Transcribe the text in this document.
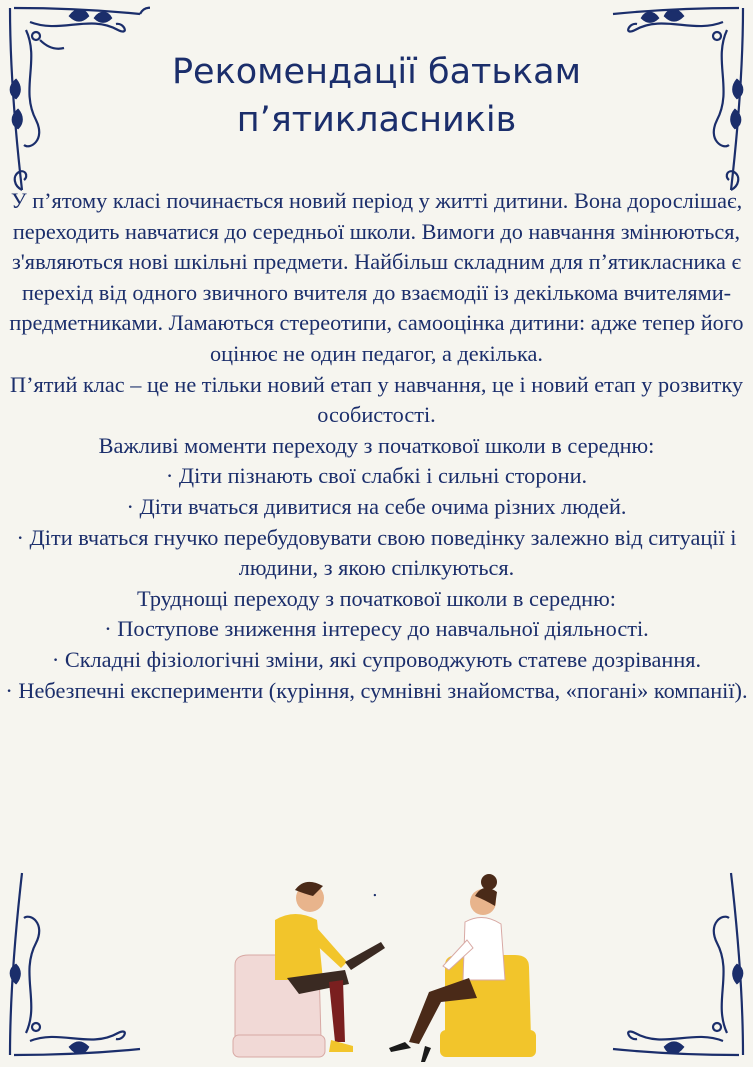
Рекомендації батькам
п’ятикласників

У п’ятому класі починається новий період у житті дитини. Вона дорослішає, переходить навчатися до середньої школи. Вимоги до навчання змінюються, з'являються нові шкільні предмети. Найбільш складним для п’ятикласника є перехід від одного звичного вчителя до взаємодії із декількома вчителями-предметниками. Ламаються стереотипи, самооцінка дитини: адже тепер його оцінює не один педагог, а декілька.

П’ятий клас – це не тільки новий етап у навчання, це і новий етап у розвитку особистості.

Важливі моменти переходу з початкової школи в середню:

· Діти пізнають свої слабкі і сильні сторони.

· Діти вчаться дивитися на себе очима різних людей.

· Діти вчаться гнучко перебудовувати свою поведінку залежно від ситуації і людини, з якою спілкуються.

Труднощі переходу з початкової школи в середню:

· Поступове зниження інтересу до навчальної діяльності.

· Складні фізіологічні зміни, які супроводжують статеве дозрівання.

· Небезпечні експерименти (куріння, сумнівні знайомства, «погані» компанії).

.
